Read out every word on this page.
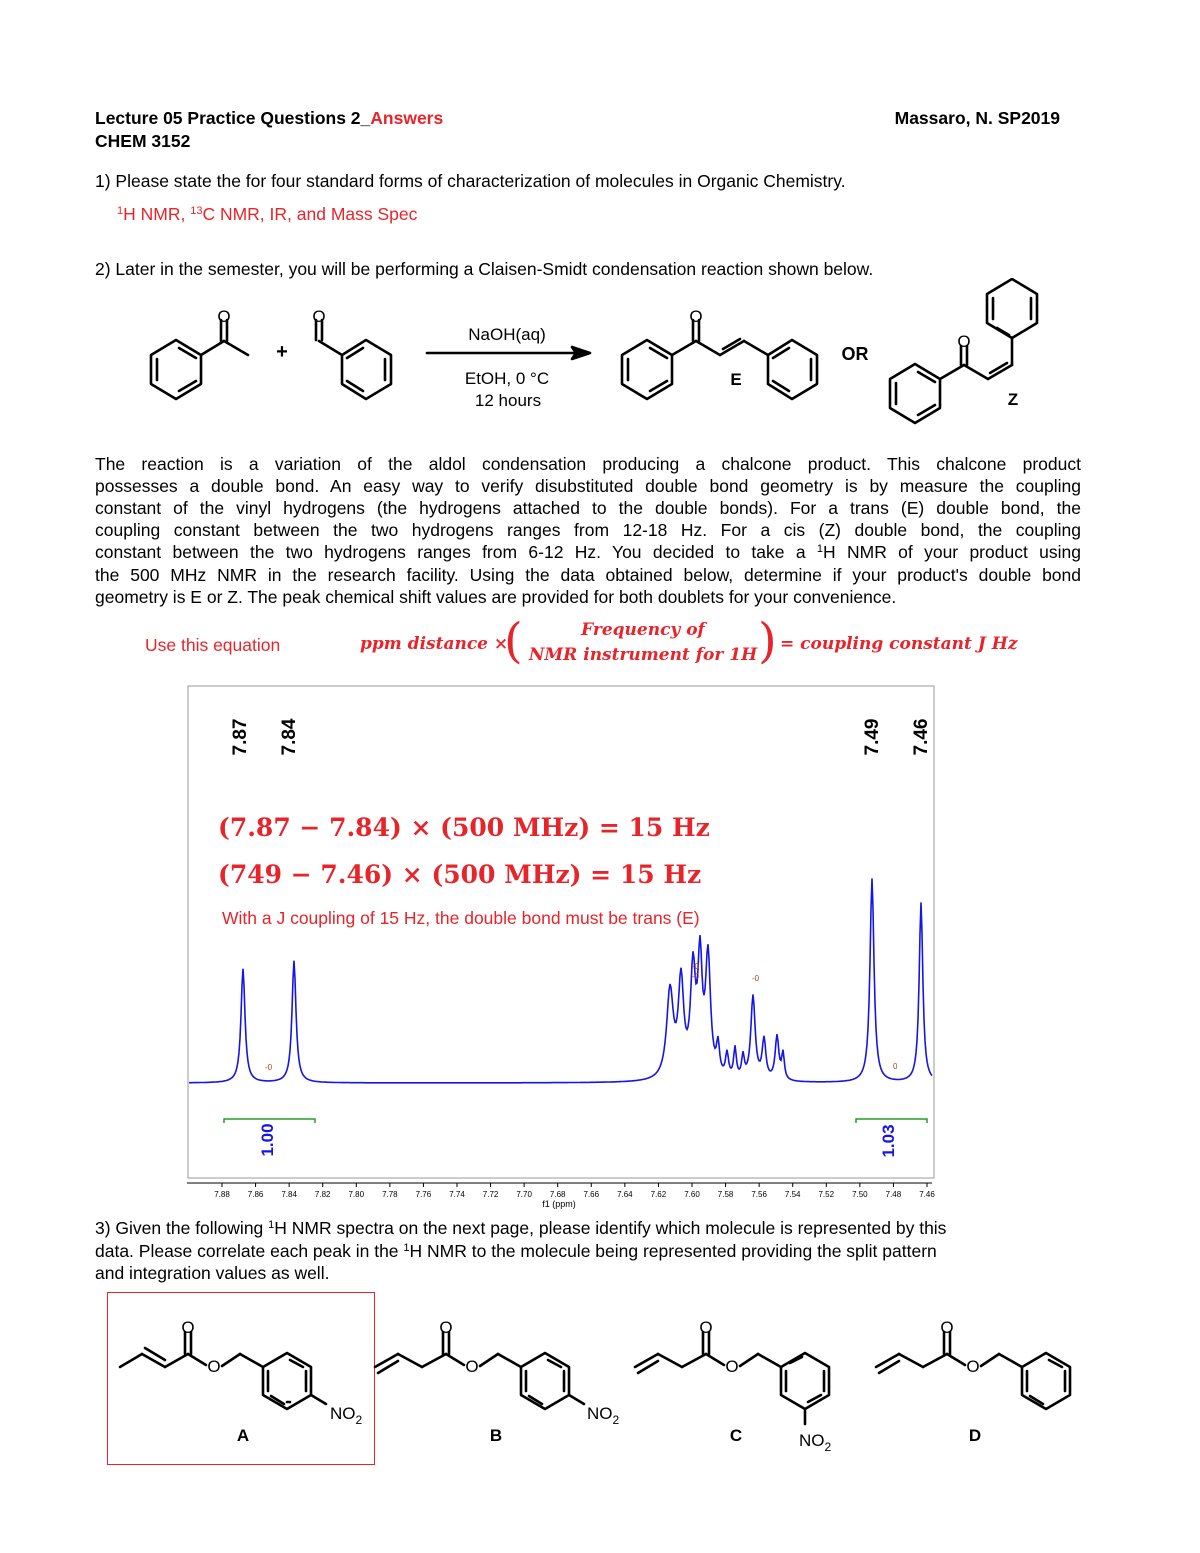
Lecture 05 Practice Questions 2_Answers	Massaro, N. SP2019
CHEM 3152
1) Please state the for four standard forms of characterization of molecules in Organic Chemistry.
$^1$H NMR, $^{13}$C NMR, IR, and Mass Spec
2) Later in the semester, you will be performing a Claisen-Smidt condensation reaction shown below.
O
+
O
NaOH(aq)
EtOH, 0 °C
12 hours
O
E
OR
O
Z
The reaction is a variation of the aldol condensation producing a chalcone product. This chalcone product
possesses a double bond. An easy way to verify disubstituted double bond geometry is by measure the coupling
constant of the vinyl hydrogens (the hydrogens attached to the double bonds). For a trans (E) double bond, the
coupling constant between the two hydrogens ranges from 12-18 Hz. For a cis (Z) double bond, the coupling
constant between the two hydrogens ranges from 6-12 Hz. You decided to take a $^1$H NMR of your product using
the 500 MHz NMR in the research facility. Using the data obtained below, determine if your product's double bond
geometry is E or Z. The peak chemical shift values are provided for both doublets for your convenience.
Use this equation	ppm distance ×
(	Frequency of
NMR instrument for 1H ) = coupling constant J Hz
7.87 7.84	7.49 7.46
-0
-0
-0	-0
0
1.00	1.03
7.88 7.86 7.84 7.82 7.80 7.78 7.76 7.74 7.72 7.70 7.68 7.66 7.64 7.62 7.60 7.58 7.56 7.54 7.52 7.50 7.48 7.46
f1 (ppm)
(7.87 − 7.84) × (500 MHz) = 15 Hz
(749 − 7.46) × (500 MHz) = 15 Hz
With a J coupling of 15 Hz, the double bond must be trans (E)
3) Given the following $^1$H NMR spectra on the next page, please identify which molecule is represented by this
data. Please correlate each peak in the $^1$H NMR to the molecule being represented providing the split pattern
and integration values as well.
O
O
$NO_2$
A
O
O
$NO_2$
B
O
O
$NO_2$
C
O
O
D
